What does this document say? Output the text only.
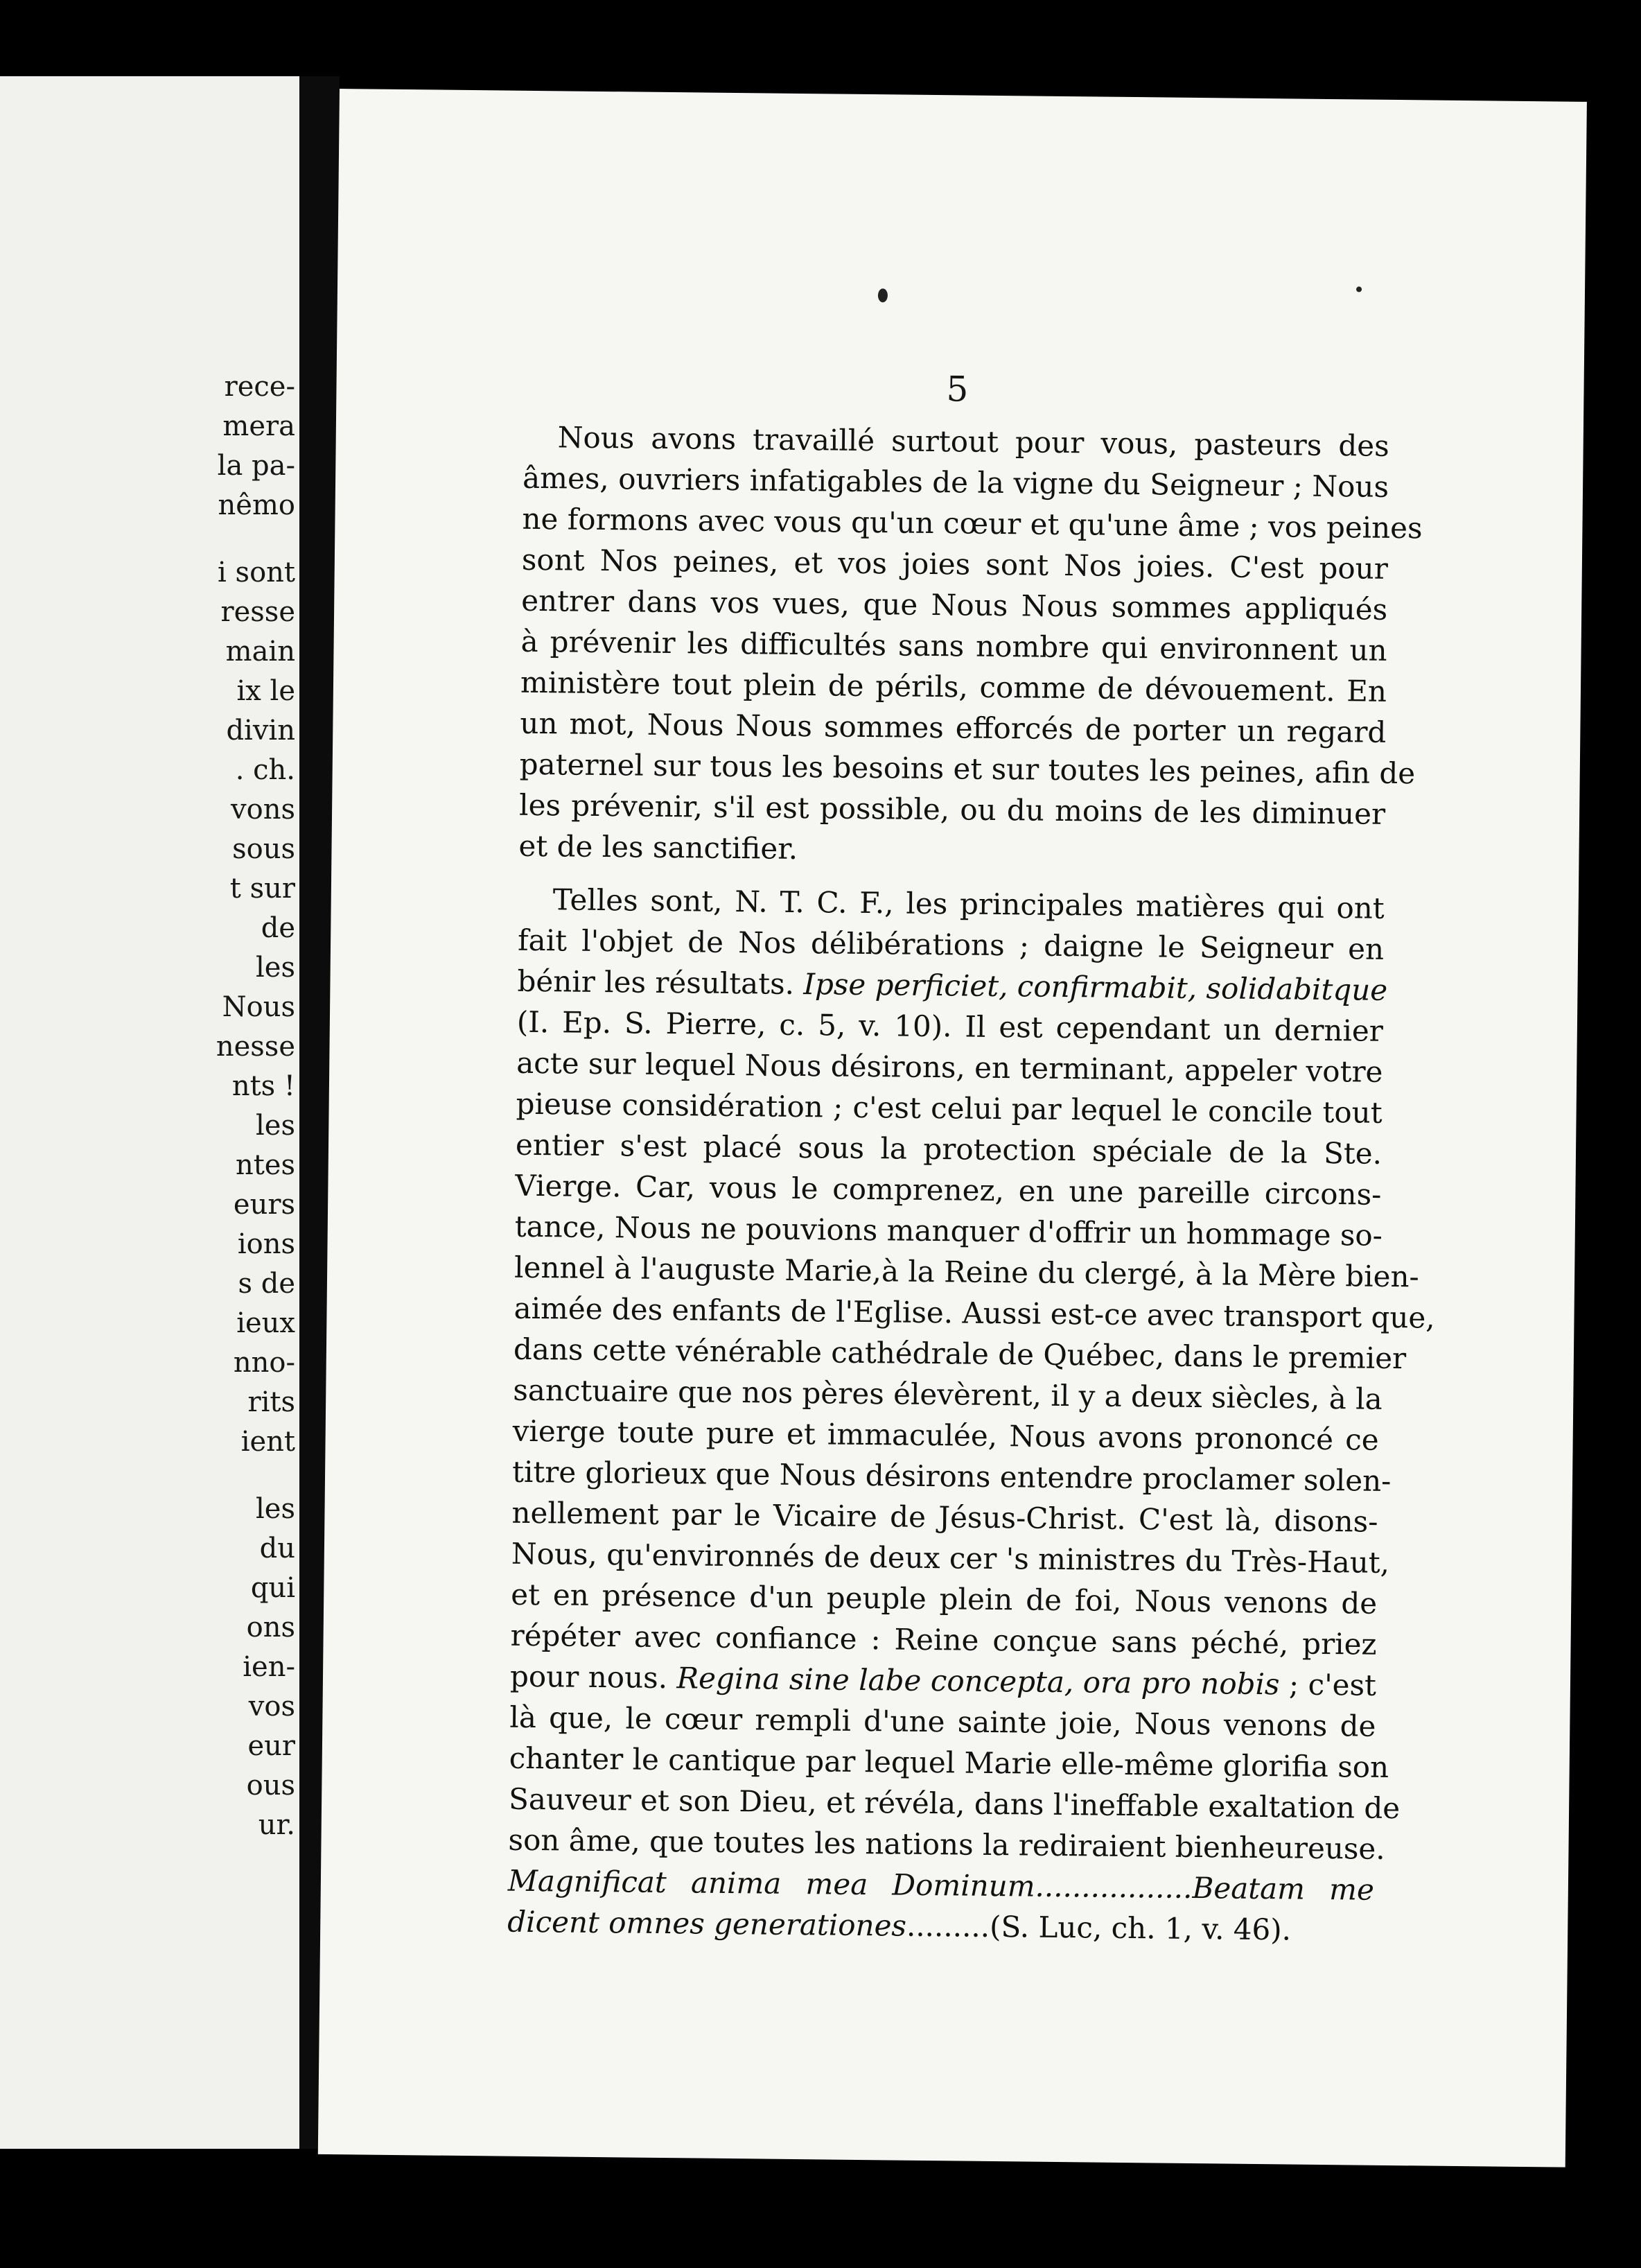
rece-
mera
la pa-
nêmo
i sont
resse
main
ix le
divin
. ch.
vons
sous
t sur
de
les
Nous
nesse
nts !
les
ntes
eurs
ions
s de
ieux
nno-
rits
ient
les
du
qui
ons
ien-
vos
eur
ous
ur.
5
Nous avons travaillé surtout pour vous, pasteurs des
âmes, ouvriers infatigables de la vigne du Seigneur ; Nous
ne formons avec vous qu'un cœur et qu'une âme ; vos peines
sont Nos peines, et vos joies sont Nos joies. C'est pour
entrer dans vos vues, que Nous Nous sommes appliqués
à prévenir les difficultés sans nombre qui environnent un
ministère tout plein de périls, comme de dévouement. En
un mot, Nous Nous sommes efforcés de porter un regard
paternel sur tous les besoins et sur toutes les peines, afin de
les prévenir, s'il est possible, ou du moins de les diminuer
et de les sanctifier.
Telles sont, N. T. C. F., les principales matières qui ont
fait l'objet de Nos délibérations ; daigne le Seigneur en
bénir les résultats. Ipse perficiet, confirmabit, solidabitque
(I. Ep. S. Pierre, c. 5, v. 10). Il est cependant un dernier
acte sur lequel Nous désirons, en terminant, appeler votre
pieuse considération ; c'est celui par lequel le concile tout
entier s'est placé sous la protection spéciale de la Ste.
Vierge. Car, vous le comprenez, en une pareille circons-
tance, Nous ne pouvions manquer d'offrir un hommage so-
lennel à l'auguste Marie,à la Reine du clergé, à la Mère bien-
aimée des enfants de l'Eglise. Aussi est-ce avec transport que,
dans cette vénérable cathédrale de Québec, dans le premier
sanctuaire que nos pères élevèrent, il y a deux siècles, à la
vierge toute pure et immaculée, Nous avons prononcé ce
titre glorieux que Nous désirons entendre proclamer solen-
nellement par le Vicaire de Jésus-Christ. C'est là, disons-
Nous, qu'environnés de deux cer 's ministres du Très-Haut,
et en présence d'un peuple plein de foi, Nous venons de
répéter avec confiance : Reine conçue sans péché, priez
pour nous. Regina sine labe concepta, ora pro nobis ; c'est
là que, le cœur rempli d'une sainte joie, Nous venons de
chanter le cantique par lequel Marie elle-même glorifia son
Sauveur et son Dieu, et révéla, dans l'ineffable exaltation de
son âme, que toutes les nations la rediraient bienheureuse.
Magnificat anima mea Dominum.................Beatam me
dicent omnes generationes.........(S. Luc, ch. 1, v. 46).
